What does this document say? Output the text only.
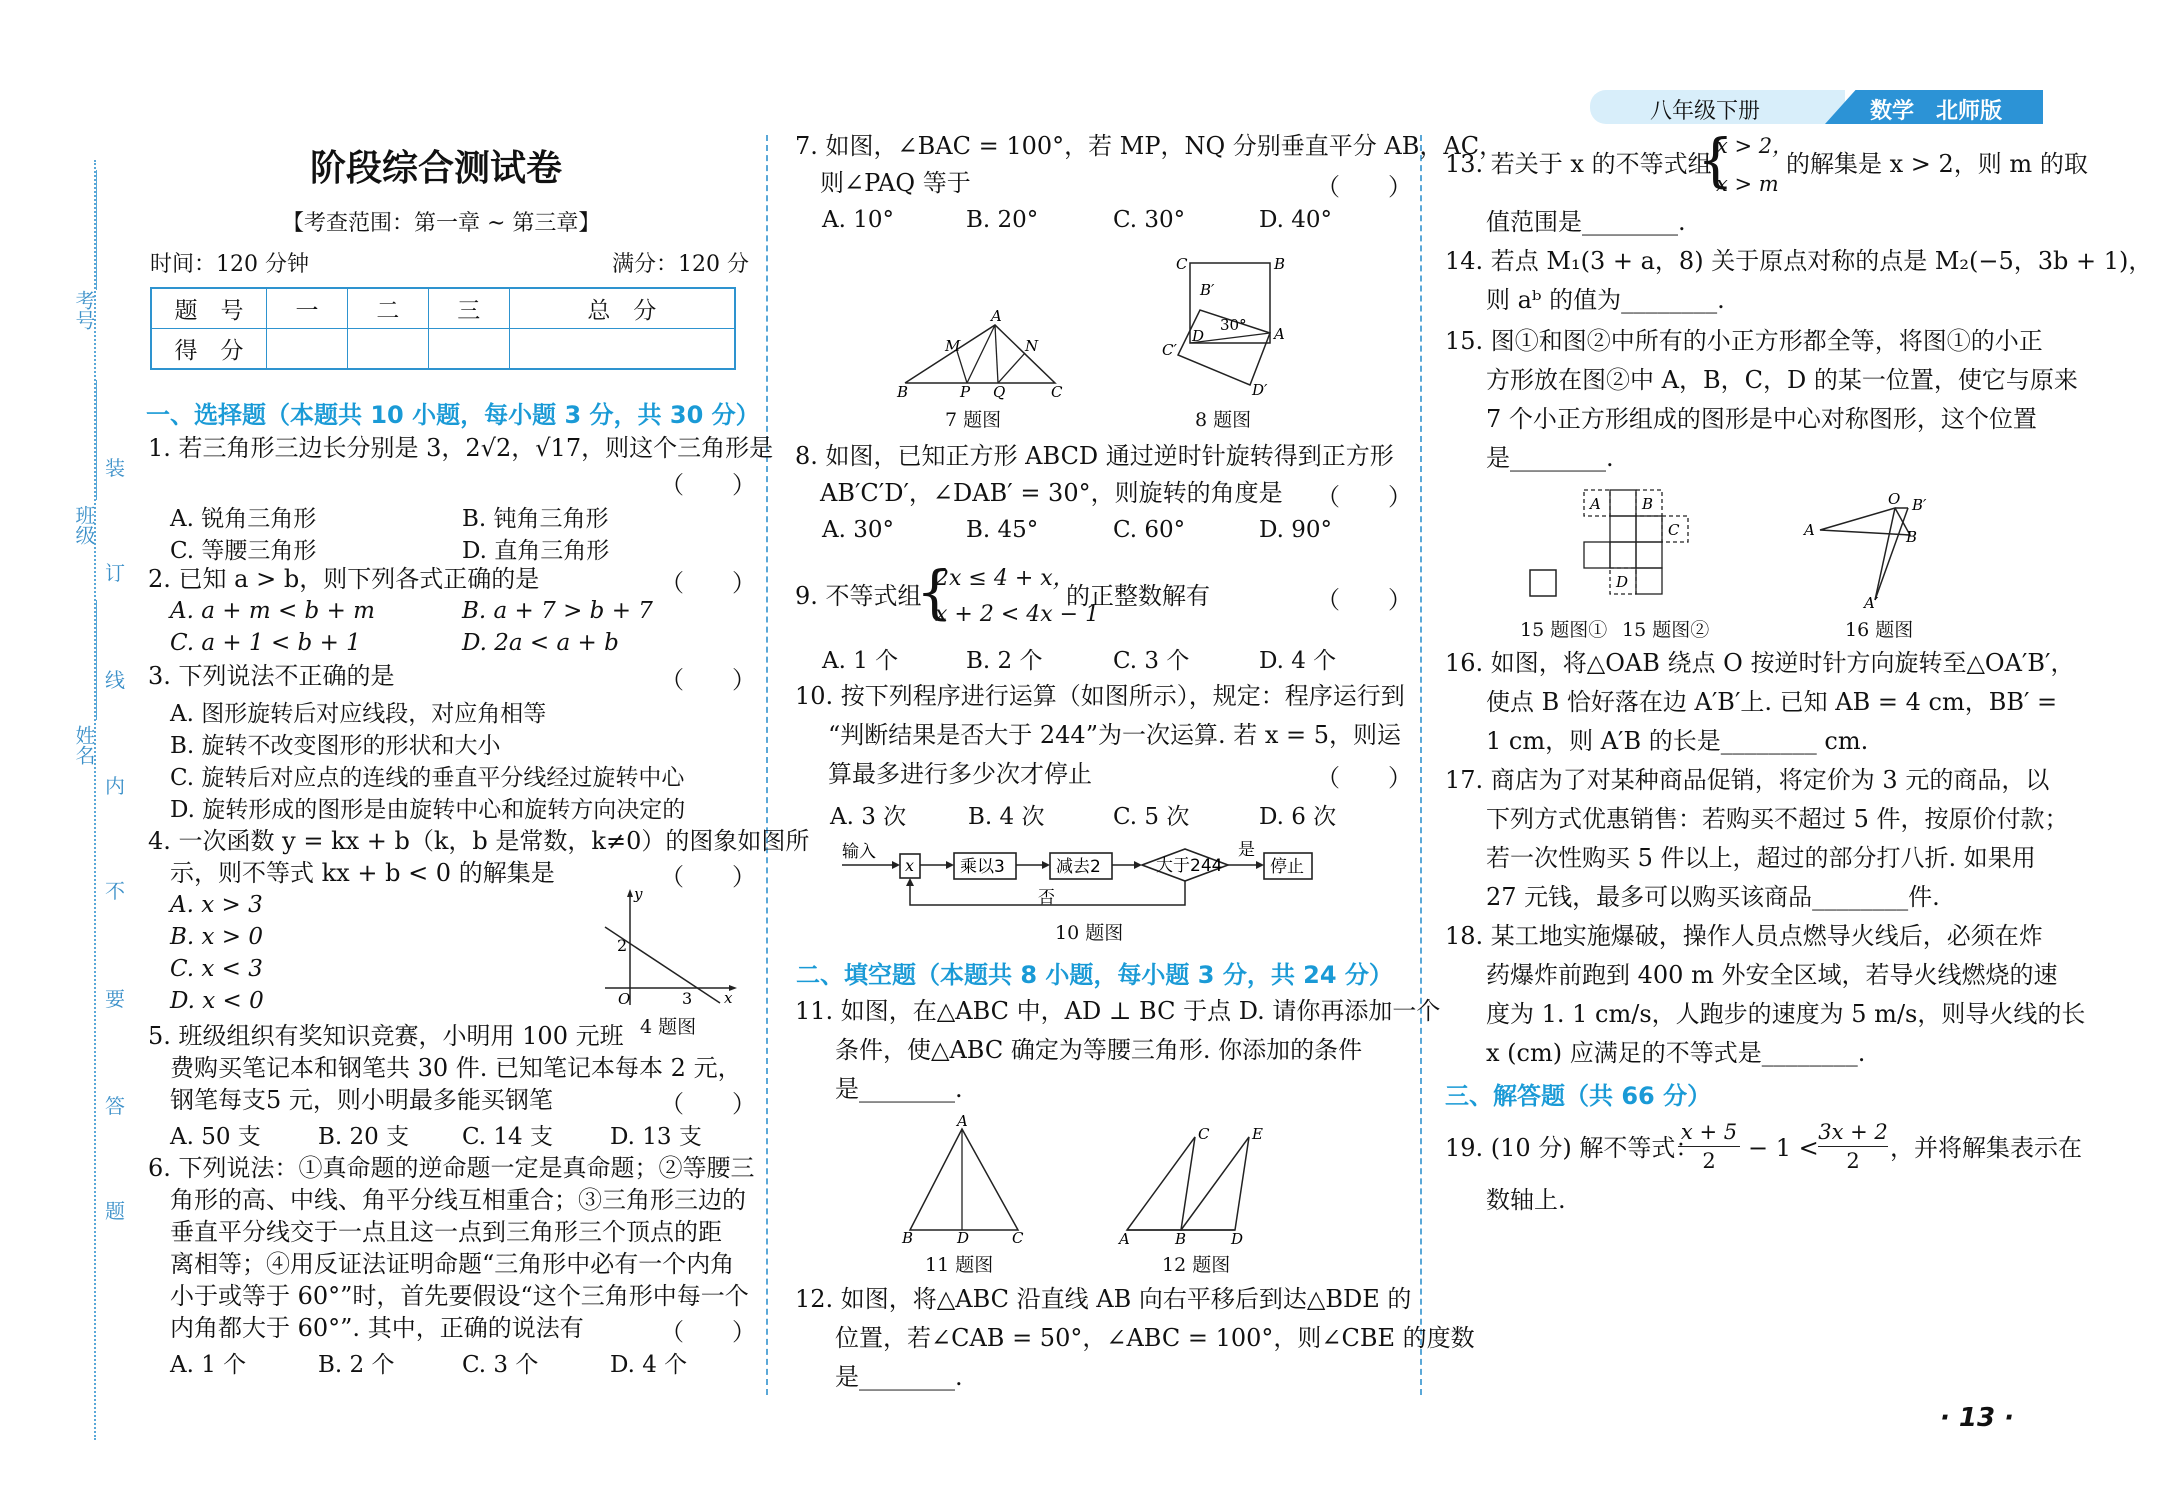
八年级下册	数学　北师版
考号
班级
姓名
装
订
线
内
不
要
答
题
阶段综合测试卷
【考查范围：第一章 ~ 第三章】
时间：120 分钟	满分：120 分
题　号	一	二	三	总　分
得　分				
一、选择题（本题共 10 小题，每小题 3 分，共 30 分）
1. 若三角形三边长分别是 3，2√2，√17，则这个三角形是
（　　）
A. 锐角三角形	B. 钝角三角形
C. 等腰三角形	D. 直角三角形
2. 已知 a > b，则下列各式正确的是	（　　）
A. a + m < b + m	B. a + 7 > b + 7
C. a + 1 < b + 1	D. 2a < a + b
3. 下列说法不正确的是	（　　）
A. 图形旋转后对应线段，对应角相等
B. 旋转不改变图形的形状和大小
C. 旋转后对应点的连线的垂直平分线经过旋转中心
D. 旋转形成的图形是由旋转中心和旋转方向决定的
4. 一次函数 y = kx + b（k，b 是常数，k≠0）的图象如图所
示，则不等式 kx + b < 0 的解集是	（　　）
A. x > 3
B. x > 0
C. x < 3
D. x < 0
y
x
O
2
3
4 题图
5. 班级组织有奖知识竞赛，小明用 100 元班
费购买笔记本和钢笔共 30 件. 已知笔记本每本 2 元，
钢笔每支5 元，则小明最多能买钢笔	（　　）
A. 50 支 B. 20 支 C. 14 支 D. 13 支
6. 下列说法：①真命题的逆命题一定是真命题；②等腰三
角形的高、中线、角平分线互相重合；③三角形三边的
垂直平分线交于一点且这一点到三角形三个顶点的距
离相等；④用反证法证明命题“三角形中必有一个内角
小于或等于 60°”时，首先要假设“这个三角形中每一个
内角都大于 60°”. 其中，正确的说法有	（　　）
A. 1 个	B. 2 个	C. 3 个	D. 4 个
7. 如图，∠BAC = 100°，若 MP，NQ 分别垂直平分 AB，AC，
则∠PAQ 等于	（　　）
A. 10°	B. 20°	C. 30°	D. 40°
A
B	C
M	N
P Q
7 题图
C	B
B′
30°
D	A
C′
D′
8 题图
8. 如图，已知正方形 ABCD 通过逆时针旋转得到正方形
AB′C′D′，∠DAB′ = 30°，则旋转的角度是 （　　）
A. 30°	B. 45°	C. 60°	D. 90°
9. 不等式组
{
2x ≤ 4 + x，
x + 2 < 4x − 1
的正整数解有	（　　）
A. 1 个	B. 2 个	C. 3 个	D. 4 个
10. 按下列程序进行运算（如图所示），规定：程序运行到
“判断结果是否大于 244”为一次运算. 若 x = 5，则运
算最多进行多少次才停止	（　　）
A. 3 次	B. 4 次	C. 5 次	D. 6 次
输入
x	乘以3	减去2	大于244
是
停止
否
10 题图
二、填空题（本题共 8 小题，每小题 3 分，共 24 分）
11. 如图，在△ABC 中，AD ⊥ BC 于点 D. 请你再添加一个
条件，使△ABC 确定为等腰三角形. 你添加的条件
是________.
A
B	D	C
11 题图
C	E
A	B	D
12 题图
12. 如图，将△ABC 沿直线 AB 向右平移后到达△BDE 的
位置，若∠CAB = 50°，∠ABC = 100°，则∠CBE 的度数
是________.
13. 若关于 x 的不等式组
{
x > 2，
x > m
的解集是 x > 2，则 m 的取
值范围是________.
14. 若点 M₁(3 + a，8) 关于原点对称的点是 M₂(−5，3b + 1)，
则 aᵇ 的值为________.
15. 图①和图②中所有的小正方形都全等，将图①的小正
方形放在图②中 A，B，C，D 的某一位置，使它与原来
7 个小正方形组成的图形是中心对称图形，这个位置
是________.
A	B
C
D
15 题图① 15 题图②
O B′
A	B
A′
16 题图
16. 如图，将△OAB 绕点 O 按逆时针方向旋转至△OA′B′，
使点 B 恰好落在边 A′B′上. 已知 AB = 4 cm，BB′ =
1 cm，则 A′B 的长是________ cm.
17. 商店为了对某种商品促销，将定价为 3 元的商品，以
下列方式优惠销售：若购买不超过 5 件，按原价付款；
若一次性购买 5 件以上，超过的部分打八折. 如果用
27 元钱，最多可以购买该商品________件.
18. 某工地实施爆破，操作人员点燃导火线后，必须在炸
药爆炸前跑到 400 m 外安全区域，若导火线燃烧的速
度为 1. 1 cm/s，人跑步的速度为 5 m/s，则导火线的长
x (cm) 应满足的不等式是________.
三、解答题（共 66 分）
19. (10 分) 解不等式：
$\frac{x + 5}{2} - 1 < \frac{3x + 2}{2}$ ，并将解集表示在
数轴上.
· 13 ·
